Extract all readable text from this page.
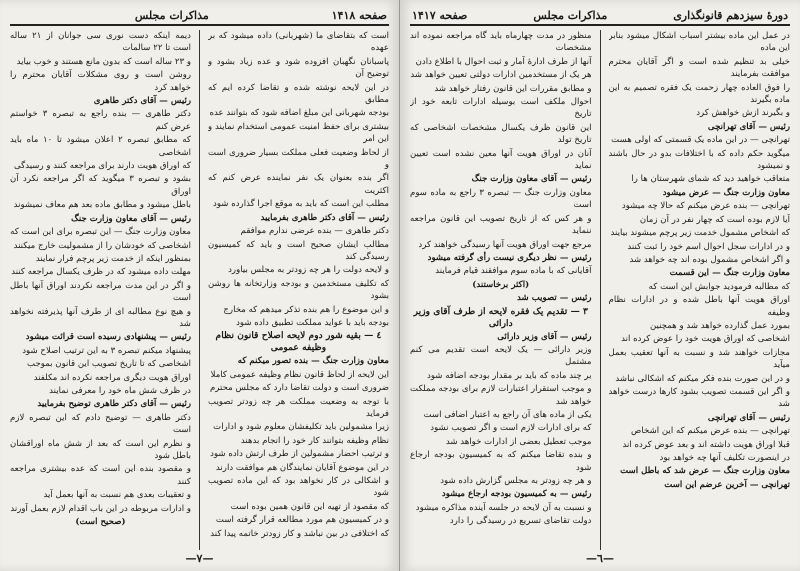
صفحه ۱۴۱۸
مذاکرات مجلس

است که بتقاضای ما (شهربانی) داده میشود که بر عهده

پاسبانان نگهبان افزوده شود و عده زیاد بشود و توضیح آن

در این لایحه نوشته شده و تقاضا کرده ایم که مطابق

بودجه شهربانی این مبلغ اضافه شود که بتوانند عده

بیشتری برای حفظ امنیت عمومی استخدام نمایند و این امر

از لحاظ وضعیت فعلی مملکت بسیار ضروری است و

اگر بنده بعنوان یک نفر نماینده عرض کنم که اکثریت

مطلب این است که باید به موقع اجرا گذارده شود

رئیس — آقای دکتر طاهری بفرمایید

دکتر طاهری — بنده عرضی ندارم موافقم

مطالب ایشان صحیح است و باید که کمیسیون رسیدگی کند

و لایحه دولت را هر چه زودتر به مجلس بیاورد

که تکلیف مستخدمین و بودجه وزارتخانه ها روشن بشود

و این موضوع را هم بنده تذکر میدهم که مخارج

بودجه باید با عواید مملکت تطبیق داده شود

٤ — بقیه شور دوم لایحه اصلاح قانون نظام وظیفه عمومی

معاون وزارت جنگ — بنده تصور میکنم که

این لایحه از لحاظ قانون نظام وظیفه عمومی کاملا

ضروری است و دولت تقاضا دارد که مجلس محترم

با توجه به وضعیت مملکت هر چه زودتر تصویب فرماید

زیرا مشمولین باید تکلیفشان معلوم شود و ادارات

نظام وظیفه بتوانند کار خود را انجام بدهند

و ترتیب احضار مشمولین از طرف ارتش داده شود

در این موضوع آقایان نمایندگان هم موافقت دارند

و اشکالی در کار نخواهد بود که این ماده تصویب شود

که مقصود از تهیه این قانون همین بوده است

و در کمیسیون هم مورد مطالعه قرار گرفته است

که اختلافی در بین نباشد و کار زودتر خاتمه پیدا کند

دیمه اینکه دست نوری سی جوانان از ۲۱ ساله است تا ۲۲ سالمات

و ۲۳ ساله است که بدون مانع هستند و خوب بیاید

روشن است و روی مشکلات آقایان محترم را خواهد کرد

رئیس — آقای دکتر طاهری

دکتر طاهری — بنده راجع به تبصره ۳ خواستم عرض کنم

که مطابق تبصره ۲ اعلان میشود تا ۱۰ ماه باید اشخاصی

که اوراق هویت دارند برای مراجعه کنند و رسیدگی

بشود و تبصره ۳ میگوید که اگر مراجعه نکرد آن اوراق

باطل میشود و مطابق ماده بعد هم معاف نمیشوند

رئیس — آقای معاون وزارت جنگ

معاون وزارت جنگ — این تبصره برای این است که

اشخاصی که خودشان را از مشمولیت خارج میکنند

بمنظور اینکه از خدمت زیر پرچم فرار نمایند

مهلت داده میشود که در ظرف یکسال مراجعه کنند

و اگر در این مدت مراجعه نکردند اوراق آنها باطل است

و هیچ نوع مطالبه ای از طرف آنها پذیرفته نخواهد شد

رئیس — پیشنهادی رسیده است قرائت میشود

پیشنهاد میکنم تبصره ۳ به این ترتیب اصلاح شود

اشخاصی که تا تاریخ تصویب این قانون بموجب

اوراق هویت دیگری مراجعه نکرده اند مکلفند

در ظرف شش ماه خود را معرفی نمایند

رئیس — آقای دکتر طاهری توضیح بفرمایید

دکتر طاهری — توضیح دادم که این تبصره لازم است

و نظرم این است که بعد از شش ماه اوراقشان باطل شود

و مقصود بنده این است که عده بیشتری مراجعه کنند

و تعقیبات بعدی هم نسبت به آنها بعمل آید

و ادارات مربوطه در این باب اقدام لازم بعمل آورند

(صحیح است)

—٧—
دورهٔ سیزدهم قانونگذاری
مذاکرات مجلس
صفحه ۱۴۱۷

در عمل این ماده بیشتر اسباب اشکال میشود بنابر این ماده

خیلی بد تنظیم شده است و اگر آقایان محترم موافقت بفرمایند

را فوق العاده چهار زحمت یک فقره تصمیم به این ماده بگیرند

و بگیرند ازش خواهش کرد

رئیس — آقای تهرانچی

تهرانچی — در این ماده یک قسمتی که اولی هست

میگوید حکم داده که با اختلافات بدو در حال باشند و نمیشود

متعاقب خواهید دید که شمای شهرستان ها را

معاون وزارت جنگ — عرض میشود

تهرانچی — بنده عرض میکنم که حالا چه میشود

آیا لازم بوده است که چهار نفر در آن زمان

که اشخاص مشمول خدمت زیر پرچم میشوند بیایند

و در ادارات سجل احوال اسم خود را ثبت کنند

و اگر اشخاص مشمول بوده اند چه خواهد شد

معاون وزارت جنگ — این قسمت

که مطالبه فرمودید جوابش این است که

اوراق هویت آنها باطل شده و در ادارات نظام وظیفه

بمورد عمل گذارده خواهد شد و همچنین

اشخاصی که اوراق هویت خود را عوض کرده اند

مجازات خواهند شد و نسبت به آنها تعقیب بعمل میآید

و در این صورت بنده فکر میکنم که اشکالی نباشد

و اگر این قسمت تصویب بشود کارها درست خواهد شد

رئیس — آقای تهرانچی

تهرانچی — بنده عرض میکنم که این اشخاص

قبلا اوراق هویت داشته اند و بعد عوض کرده اند

در اینصورت تکلیف آنها چه خواهد بود

معاون وزارت جنگ — عرض شد که باطل است

تهرانچی — آخرین عرضم این است

منظور در مدت چهارماه باید گاه مراجعه نموده اند مشخصات

آنها از طرف ادارهٔ آمار و ثبت احوال با اطلاع دادن

هر یک از مستخدمین ادارات دولتی تعیین خواهد شد

و مطابق مقررات این قانون رفتار خواهد شد

احوال ملکف است بوسیله ادارات تابعه خود از تاریخ

این قانون ظرف یکسال مشخصات اشخاصی که تاریخ تولد

آنان در اوراق هویت آنها معین نشده است تعیین نماید

رئیس — آقای معاون وزارت جنگ

معاون وزارت جنگ — تبصره ۳ راجع به ماده سوم است

و هر کس که از تاریخ تصویب این قانون مراجعه ننماید

مرجع جهت اوراق هویت آنها رسیدگی خواهند کرد

رئیس — نظر دیگری نیست رأی گرفته میشود

آقایانی که با ماده سوم موافقند قیام فرمایند

(اکثر برخاستند)

رئیس — تصویب شد

٣ — تقدیم یک فقره لایحه از طرف آقای وزیر دارائی

رئیس — آقای وزیر دارائی

وزیر دارائی — یک لایحه است تقدیم می کنم مشتمل

بر چند ماده که باید بر مقدار بودجه اضافه شود

و موجب استقرار اعتبارات لازم برای بودجه مملکت خواهد شد

یکی از ماده های آن راجع به اعتبار اضافی است

که برای ادارات لازم است و اگر تصویب نشود

موجب تعطیل بعضی از ادارات خواهد شد

و بنده تقاضا میکنم که به کمیسیون بودجه ارجاع شود

و هر چه زودتر به مجلس گزارش داده شود

رئیس — به کمیسیون بودجه ارجاع میشود

و نسبت به آن لایحه در جلسه آینده مذاکره میشود

دولت تقاضای تسریع در رسیدگی را دارد

—٦—
